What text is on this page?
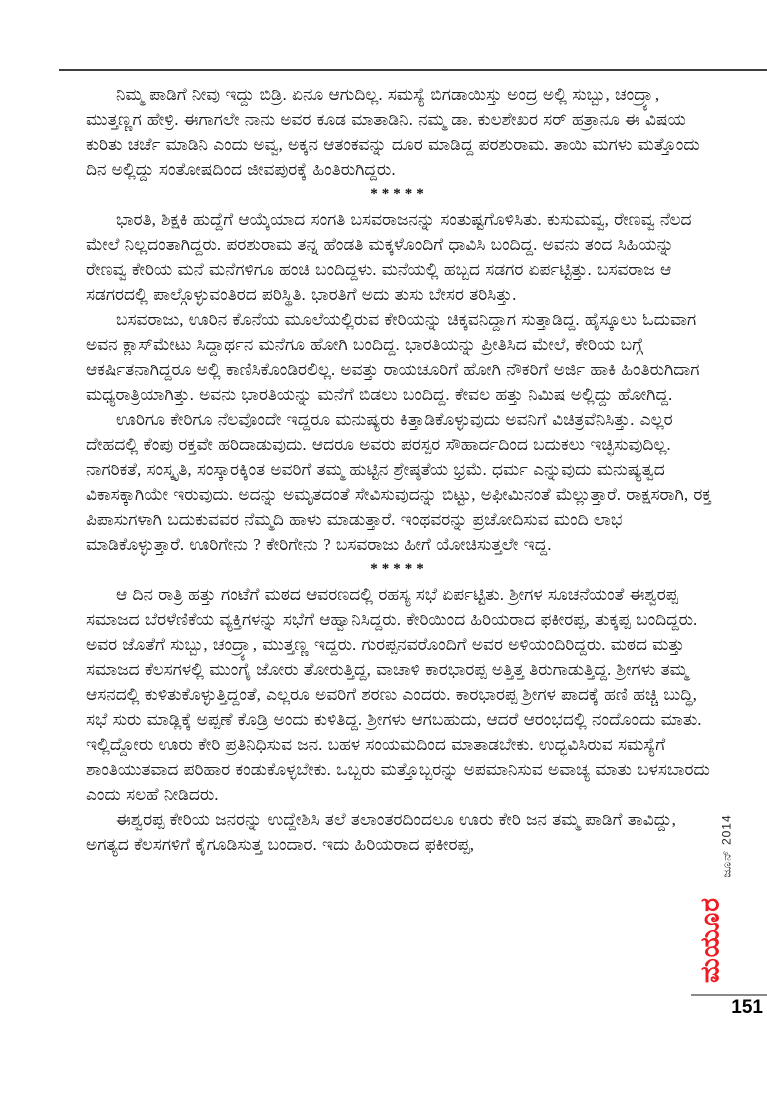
ನಿಮ್ಮ ಪಾಡಿಗೆ ನೀವು ಇದ್ದು ಬಿಡ್ರಿ. ಏನೂ ಆಗುದಿಲ್ಲ. ಸಮಸ್ಯೆ ಬಿಗಡಾಯಿಸ್ತು ಅಂದ್ರ ಅಲ್ಲಿ ಸುಬ್ಬು, ಚಂದ್ರ್ಯಾ, ಮುತ್ತಣ್ಣಗ ಹೇಳ್ರಿ. ಈಗಾಗಲೇ ನಾನು ಅವರ ಕೂಡ ಮಾತಾಡಿನಿ. ನಮ್ಮ ಡಾ. ಕುಲಶೇಖರ ಸರ್ ಹತ್ರಾನೂ ಈ ವಿಷಯ ಕುರಿತು ಚರ್ಚೆ ಮಾಡಿನಿ ಎಂದು ಅವ್ವ, ಅಕ್ಕನ ಆತಂಕವನ್ನು ದೂರ ಮಾಡಿದ್ದ ಪರಶುರಾಮ. ತಾಯಿ ಮಗಳು ಮತ್ತೊಂದು ದಿನ ಅಲ್ಲಿದ್ದು ಸಂತೋಷದಿಂದ ಜೀವಪುರಕ್ಕೆ ಹಿಂತಿರುಗಿದ್ದರು.

*****

ಭಾರತಿ, ಶಿಕ್ಷಕಿ ಹುದ್ದೆಗೆ ಆಯ್ಕೆಯಾದ ಸಂಗತಿ ಬಸವರಾಜನನ್ನು ಸಂತುಷ್ಟಗೊಳಿಸಿತು. ಕುಸುಮವ್ವ, ರೇಣವ್ವ ನೆಲದ ಮೇಲೆ ನಿಲ್ಲದಂತಾಗಿದ್ದರು. ಪರಶುರಾಮ ತನ್ನ ಹೆಂಡತಿ ಮಕ್ಕಳೊಂದಿಗೆ ಧಾವಿಸಿ ಬಂದಿದ್ದ. ಅವನು ತಂದ ಸಿಹಿಯನ್ನು ರೇಣವ್ವ ಕೇರಿಯ ಮನೆ ಮನೆಗಳಿಗೂ ಹಂಚಿ ಬಂದಿದ್ದಳು. ಮನೆಯಲ್ಲಿ ಹಬ್ಬದ ಸಡಗರ ಏರ್ಪಟ್ಟಿತ್ತು. ಬಸವರಾಜ ಆ ಸಡಗರದಲ್ಲಿ ಪಾಲ್ಗೊಳ್ಳುವಂತಿರದ ಪರಿಸ್ಥಿತಿ. ಭಾರತಿಗೆ ಅದು ತುಸು ಬೇಸರ ತರಿಸಿತ್ತು.

ಬಸವರಾಜು, ಊರಿನ ಕೊನೆಯ ಮೂಲೆಯಲ್ಲಿರುವ ಕೇರಿಯನ್ನು ಚಿಕ್ಕವನಿದ್ದಾಗ ಸುತ್ತಾಡಿದ್ದ. ಹೈಸ್ಕೂಲು ಓದುವಾಗ ಅವನ ಕ್ಲಾಸ್‌ಮೇಟು ಸಿದ್ದಾರ್ಥನ ಮನೆಗೂ ಹೋಗಿ ಬಂದಿದ್ದ. ಭಾರತಿಯನ್ನು ಪ್ರೀತಿಸಿದ ಮೇಲೆ, ಕೇರಿಯ ಬಗ್ಗೆ ಆಕರ್ಷಿತನಾಗಿದ್ದರೂ ಅಲ್ಲಿ ಕಾಣಿಸಿಕೊಂಡಿರಲಿಲ್ಲ. ಅವತ್ತು ರಾಯಚೂರಿಗೆ ಹೋಗಿ ನೌಕರಿಗೆ ಅರ್ಜಿ ಹಾಕಿ ಹಿಂತಿರುಗಿದಾಗ ಮಧ್ಯರಾತ್ರಿಯಾಗಿತ್ತು. ಅವನು ಭಾರತಿಯನ್ನು ಮನೆಗೆ ಬಿಡಲು ಬಂದಿದ್ದ. ಕೇವಲ ಹತ್ತು ನಿಮಿಷ ಅಲ್ಲಿದ್ದು ಹೋಗಿದ್ದ.

ಊರಿಗೂ ಕೇರಿಗೂ ನೆಲವೊಂದೇ ಇದ್ದರೂ ಮನುಷ್ಯರು ಕಿತ್ತಾಡಿಕೊಳ್ಳುವುದು ಅವನಿಗೆ ವಿಚಿತ್ರವೆನಿಸಿತ್ತು. ಎಲ್ಲರ ದೇಹದಲ್ಲಿ ಕೆಂಪು ರಕ್ತವೇ ಹರಿದಾಡುವುದು. ಆದರೂ ಅವರು ಪರಸ್ಪರ ಸೌಹಾರ್ದದಿಂದ ಬದುಕಲು ಇಚ್ಛಿಸುವುದಿಲ್ಲ. ನಾಗರಿಕತೆ, ಸಂಸ್ಕೃತಿ, ಸಂಸ್ಕಾರಕ್ಕಿಂತ ಅವರಿಗೆ ತಮ್ಮ ಹುಟ್ಟಿನ ಶ್ರೇಷ್ಠತೆಯ ಭ್ರಮೆ. ಧರ್ಮ ಎನ್ನುವುದು ಮನುಷ್ಯತ್ವದ ವಿಕಾಸಕ್ಕಾಗಿಯೇ ಇರುವುದು. ಅದನ್ನು ಅಮೃತದಂತೆ ಸೇವಿಸುವುದನ್ನು ಬಿಟ್ಟು, ಅಫೀಮಿನಂತೆ ಮೆಲ್ಲುತ್ತಾರೆ. ರಾಕ್ಷಸರಾಗಿ, ರಕ್ತ ಪಿಪಾಸುಗಳಾಗಿ ಬದುಕುವವರ ನೆಮ್ಮದಿ ಹಾಳು ಮಾಡುತ್ತಾರೆ. ಇಂಥವರನ್ನು ಪ್ರಚೋದಿಸುವ ಮಂದಿ ಲಾಭ ಮಾಡಿಕೊಳ್ಳುತ್ತಾರೆ. ಊರಿಗೇನು ? ಕೇರಿಗೇನು ? ಬಸವರಾಜು ಹೀಗೆ ಯೋಚಿಸುತ್ತಲೇ ಇದ್ದ.

*****

ಆ ದಿನ ರಾತ್ರಿ ಹತ್ತು ಗಂಟೆಗೆ ಮಠದ ಆವರಣದಲ್ಲಿ ರಹಸ್ಯ ಸಭೆ ಏರ್ಪಟ್ಟಿತು. ಶ್ರೀಗಳ ಸೂಚನೆಯಂತೆ ಈಶ್ವರಪ್ಪ ಸಮಾಜದ ಬೆರಳೆಣಿಕೆಯ ವ್ಯಕ್ತಿಗಳನ್ನು ಸಭೆಗೆ ಆಹ್ವಾನಿಸಿದ್ದರು. ಕೇರಿಯಿಂದ ಹಿರಿಯರಾದ ಫಕೀರಪ್ಪ, ತುಕ್ಕಪ್ಪ ಬಂದಿದ್ದರು. ಅವರ ಜೊತೆಗೆ ಸುಬ್ಬು, ಚಂದ್ರ್ಯಾ, ಮುತ್ತಣ್ಣ ಇದ್ದರು. ಗುರಪ್ಪನವರೊಂದಿಗೆ ಅವರ ಅಳಿಯಂದಿರಿದ್ದರು. ಮಠದ ಮತ್ತು ಸಮಾಜದ ಕೆಲಸಗಳಲ್ಲಿ ಮುಂಗೈ ಜೋರು ತೋರುತ್ತಿದ್ದ, ವಾಚಾಳಿ ಕಾರಭಾರಪ್ಪ ಅತ್ತಿತ್ತ ತಿರುಗಾಡುತ್ತಿದ್ದ. ಶ್ರೀಗಳು ತಮ್ಮ ಆಸನದಲ್ಲಿ ಕುಳಿತುಕೊಳ್ಳುತ್ತಿದ್ದಂತೆ, ಎಲ್ಲರೂ ಅವರಿಗೆ ಶರಣು ಎಂದರು. ಕಾರಭಾರಪ್ಪ ಶ್ರೀಗಳ ಪಾದಕ್ಕೆ ಹಣಿ ಹಚ್ಚಿ ಬುದ್ಧಿ, ಸಭೆ ಸುರು ಮಾಡ್ಲಿಕ್ಕೆ ಅಪ್ಪಣೆ ಕೊಡ್ರಿ ಅಂದು ಕುಳಿತಿದ್ದ. ಶ್ರೀಗಳು ಆಗಬಹುದು, ಆದರೆ ಆರಂಭದಲ್ಲಿ ನಂದೊಂದು ಮಾತು. ಇಲ್ಲಿದ್ದೋರು ಊರು ಕೇರಿ ಪ್ರತಿನಿಧಿಸುವ ಜನ. ಬಹಳ ಸಂಯಮದಿಂದ ಮಾತಾಡಬೇಕು. ಉದ್ಭವಿಸಿರುವ ಸಮಸ್ಯೆಗೆ ಶಾಂತಿಯುತವಾದ ಪರಿಹಾರ ಕಂಡುಕೊಳ್ಳಬೇಕು. ಒಬ್ಬರು ಮತ್ತೊಬ್ಬರನ್ನು ಅಪಮಾನಿಸುವ ಅವಾಚ್ಯ ಮಾತು ಬಳಸಬಾರದು ಎಂದು ಸಲಹೆ ನೀಡಿದರು.

ಈಶ್ವರಪ್ಪ ಕೇರಿಯ ಜನರನ್ನು ಉದ್ದೇಶಿಸಿ ತಲೆ ತಲಾಂತರದಿಂದಲೂ ಊರು ಕೇರಿ ಜನ ತಮ್ಮ ಪಾಡಿಗೆ ತಾವಿದ್ದು, ಅಗತ್ಯದ ಕೆಲಸಗಳಿಗೆ ಕೈಗೂಡಿಸುತ್ತ ಬಂದಾರ. ಇದು ಹಿರಿಯರಾದ ಫಕೀರಪ್ಪ,	ಜೂನ್ 2014
ಮಯೂರ
151
